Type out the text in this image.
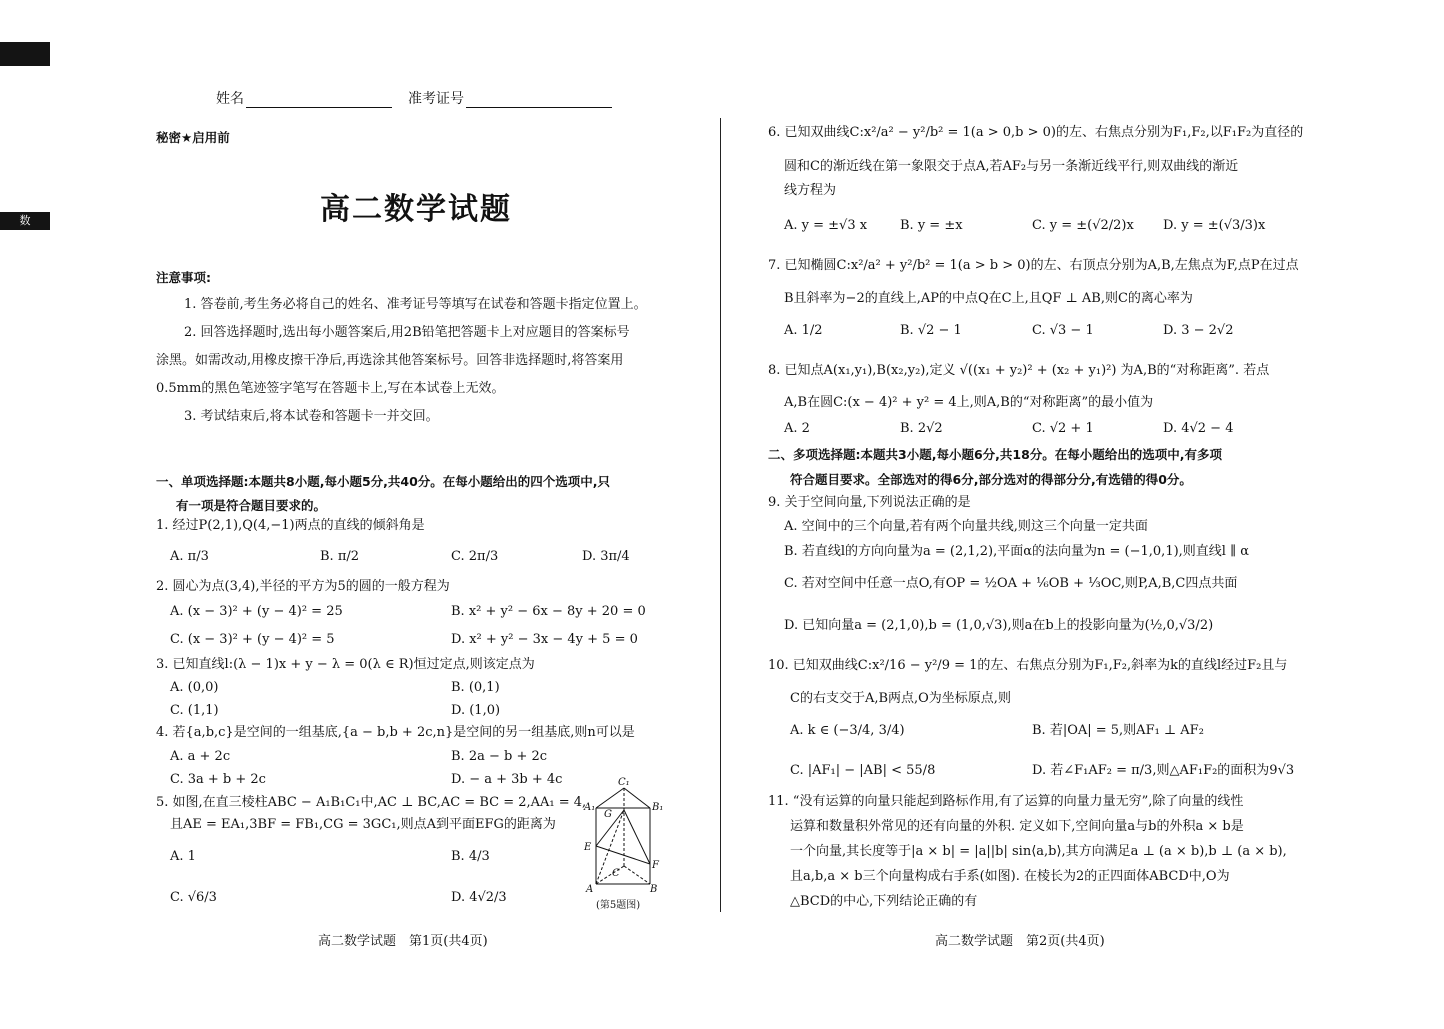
数
姓名	准考证号
秘密★启用前
高二数学试题
注意事项:
1. 答卷前,考生务必将自己的姓名、准考证号等填写在试卷和答题卡指定位置上。
2. 回答选择题时,选出每小题答案后,用2B铅笔把答题卡上对应题目的答案标号
涂黑。如需改动,用橡皮擦干净后,再选涂其他答案标号。回答非选择题时,将答案用
0.5mm的黑色笔迹签字笔写在答题卡上,写在本试卷上无效。
3. 考试结束后,将本试卷和答题卡一并交回。
一、单项选择题:本题共8小题,每小题5分,共40分。在每小题给出的四个选项中,只
有一项是符合题目要求的。
1. 经过P(2,1),Q(4,−1)两点的直线的倾斜角是
A. π/3	B. π/2	C. 2π/3	D. 3π/4
2. 圆心为点(3,4),半径的平方为5的圆的一般方程为
A. (x − 3)² + (y − 4)² = 25	B. x² + y² − 6x − 8y + 20 = 0
C. (x − 3)² + (y − 4)² = 5	D. x² + y² − 3x − 4y + 5 = 0
3. 已知直线l:(λ − 1)x + y − λ = 0(λ ∈ R)恒过定点,则该定点为
A. (0,0)	B. (0,1)
C. (1,1)	D. (1,0)
4. 若{a,b,c}是空间的一组基底,{a − b,b + 2c,n}是空间的另一组基底,则n可以是
A. a + 2c	B. 2a − b + 2c
C. 3a + b + 2c	D. − a + 3b + 4c
5. 如图,在直三棱柱ABC − A₁B₁C₁中,AC ⊥ BC,AC = BC = 2,AA₁ = 4,
且AE = EA₁,3BF = FB₁,CG = 3GC₁,则点A到平面EFG的距离为
A. 1	B. 4/3
C. √6/3	D. 4√2/3
C₁
A₁	B₁
G
E
F
C
A	B
(第5题图)
高二数学试题　第1页(共4页)
6. 已知双曲线C:x²/a² − y²/b² = 1(a > 0,b > 0)的左、右焦点分别为F₁,F₂,以F₁F₂为直径的
圆和C的渐近线在第一象限交于点A,若AF₂与另一条渐近线平行,则双曲线的渐近
线方程为
A. y = ±√3 x	B. y = ±x	C. y = ±(√2/2)x D. y = ±(√3/3)x
7. 已知椭圆C:x²/a² + y²/b² = 1(a > b > 0)的左、右顶点分别为A,B,左焦点为F,点P在过点
B且斜率为−2的直线上,AP的中点Q在C上,且QF ⊥ AB,则C的离心率为
A. 1/2	B. √2 − 1	C. √3 − 1	D. 3 − 2√2
8. 已知点A(x₁,y₁),B(x₂,y₂),定义 √((x₁ + y₂)² + (x₂ + y₁)²) 为A,B的“对称距离”. 若点
A,B在圆C:(x − 4)² + y² = 4上,则A,B的“对称距离”的最小值为
A. 2	B. 2√2	C. √2 + 1	D. 4√2 − 4
二、多项选择题:本题共3小题,每小题6分,共18分。在每小题给出的选项中,有多项
符合题目要求。全部选对的得6分,部分选对的得部分分,有选错的得0分。
9. 关于空间向量,下列说法正确的是
A. 空间中的三个向量,若有两个向量共线,则这三个向量一定共面
B. 若直线l的方向向量为a = (2,1,2),平面α的法向量为n = (−1,0,1),则直线l ∥ α
C. 若对空间中任意一点O,有OP = ½OA + ⅙OB + ⅓OC,则P,A,B,C四点共面
D. 已知向量a = (2,1,0),b = (1,0,√3),则a在b上的投影向量为(½,0,√3/2)
10. 已知双曲线C:x²/16 − y²/9 = 1的左、右焦点分别为F₁,F₂,斜率为k的直线l经过F₂且与
C的右支交于A,B两点,O为坐标原点,则
A. k ∈ (−3/4, 3/4)	B. 若|OA| = 5,则AF₁ ⊥ AF₂
C. |AF₁| − |AB| < 55/8	D. 若∠F₁AF₂ = π/3,则△AF₁F₂的面积为9√3
11. “没有运算的向量只能起到路标作用,有了运算的向量力量无穷”,除了向量的线性
运算和数量积外常见的还有向量的外积. 定义如下,空间向量a与b的外积a × b是
一个向量,其长度等于|a × b| = |a||b| sin⟨a,b⟩,其方向满足a ⊥ (a × b),b ⊥ (a × b),
且a,b,a × b三个向量构成右手系(如图). 在棱长为2的正四面体ABCD中,O为
△BCD的中心,下列结论正确的有
高二数学试题　第2页(共4页)
